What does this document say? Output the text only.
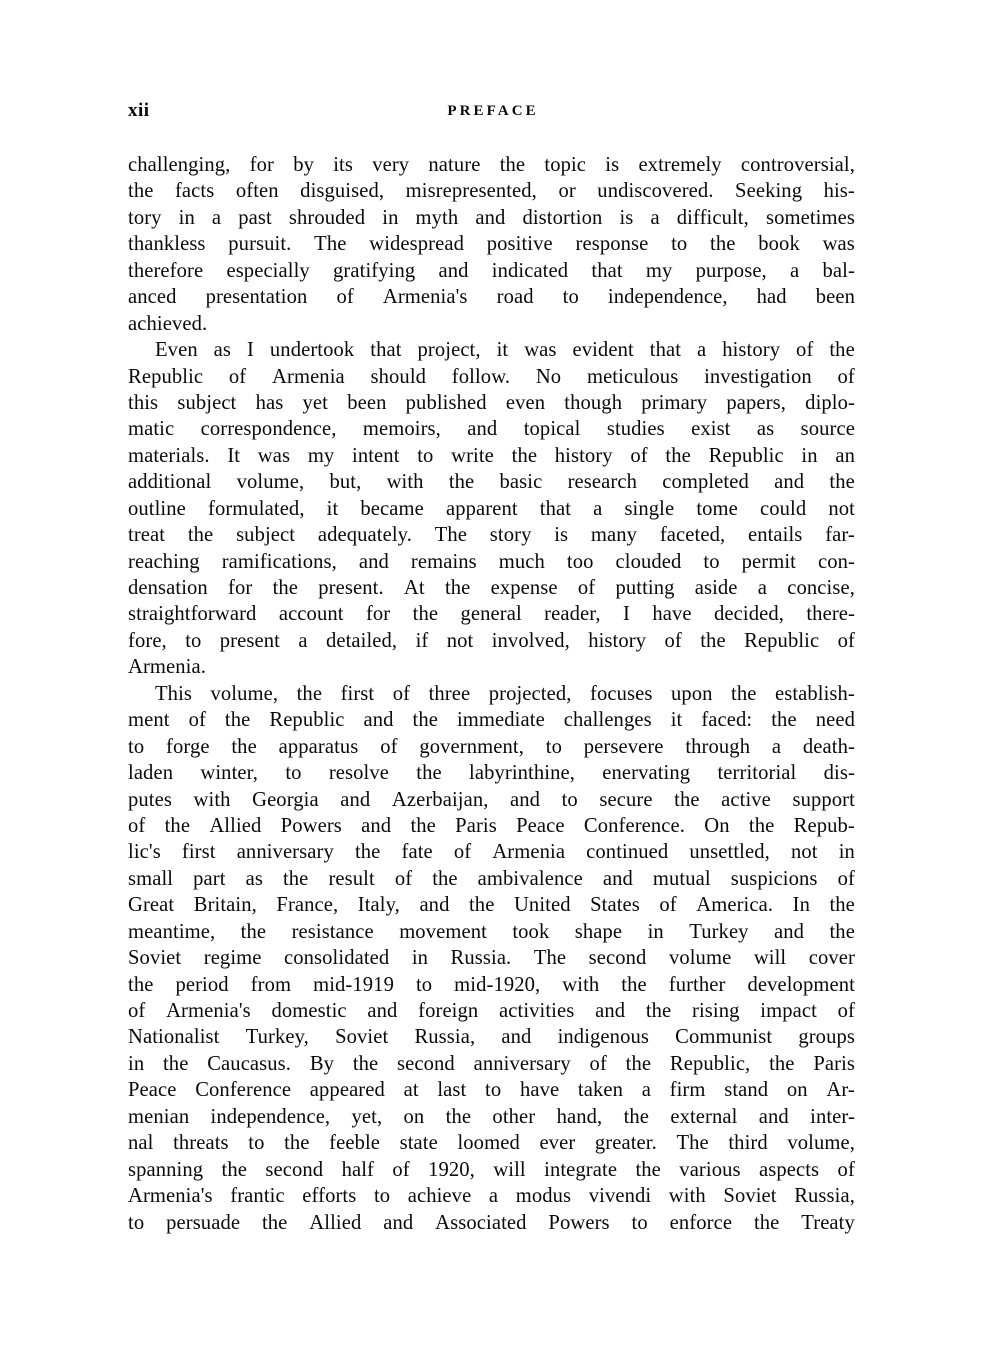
xii	PREFACE
challenging, for by its very nature the topic is extremely controversial,
the facts often disguised, misrepresented, or undiscovered. Seeking his-
tory in a past shrouded in myth and distortion is a difficult, sometimes
thankless pursuit. The widespread positive response to the book was
therefore especially gratifying and indicated that my purpose, a bal-
anced presentation of Armenia's road to independence, had been
achieved.
Even as I undertook that project, it was evident that a history of the
Republic of Armenia should follow. No meticulous investigation of
this subject has yet been published even though primary papers, diplo-
matic correspondence, memoirs, and topical studies exist as source
materials. It was my intent to write the history of the Republic in an
additional volume, but, with the basic research completed and the
outline formulated, it became apparent that a single tome could not
treat the subject adequately. The story is many faceted, entails far-
reaching ramifications, and remains much too clouded to permit con-
densation for the present. At the expense of putting aside a concise,
straightforward account for the general reader, I have decided, there-
fore, to present a detailed, if not involved, history of the Republic of
Armenia.
This volume, the first of three projected, focuses upon the establish-
ment of the Republic and the immediate challenges it faced: the need
to forge the apparatus of government, to persevere through a death-
laden winter, to resolve the labyrinthine, enervating territorial dis-
putes with Georgia and Azerbaijan, and to secure the active support
of the Allied Powers and the Paris Peace Conference. On the Repub-
lic's first anniversary the fate of Armenia continued unsettled, not in
small part as the result of the ambivalence and mutual suspicions of
Great Britain, France, Italy, and the United States of America. In the
meantime, the resistance movement took shape in Turkey and the
Soviet regime consolidated in Russia. The second volume will cover
the period from mid-1919 to mid-1920, with the further development
of Armenia's domestic and foreign activities and the rising impact of
Nationalist Turkey, Soviet Russia, and indigenous Communist groups
in the Caucasus. By the second anniversary of the Republic, the Paris
Peace Conference appeared at last to have taken a firm stand on Ar-
menian independence, yet, on the other hand, the external and inter-
nal threats to the feeble state loomed ever greater. The third volume,
spanning the second half of 1920, will integrate the various aspects of
Armenia's frantic efforts to achieve a modus vivendi with Soviet Russia,
to persuade the Allied and Associated Powers to enforce the Treaty
